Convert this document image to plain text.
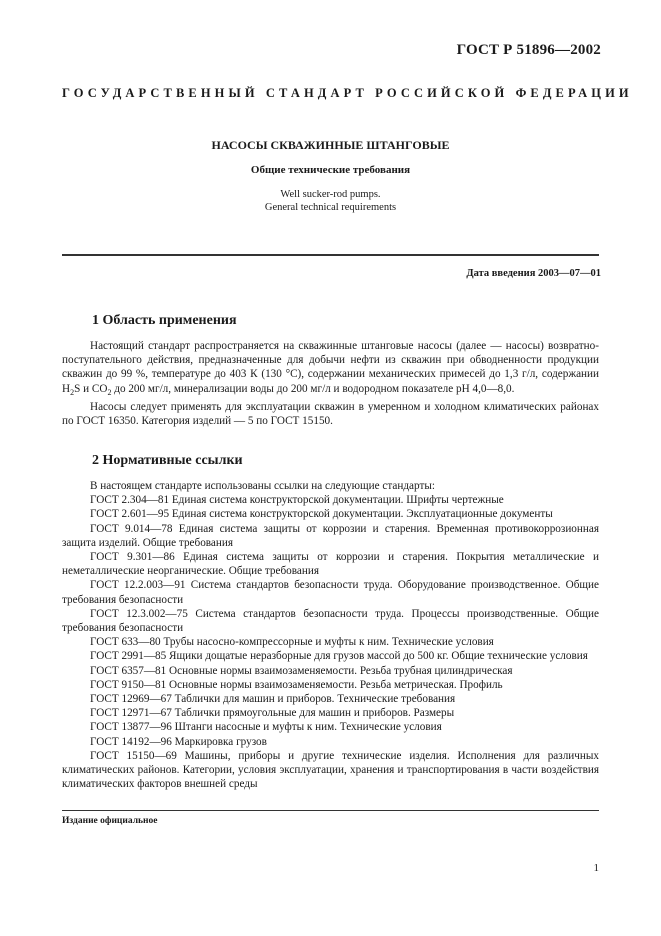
ГОСТ Р 51896—2002
ГОСУДАРСТВЕННЫЙ СТАНДАРТ РОССИЙСКОЙ ФЕДЕРАЦИИ
НАСОСЫ СКВАЖИННЫЕ ШТАНГОВЫЕ
Общие технические требования
Well sucker-rod pumps.
General technical requirements
Дата введения 2003—07—01
1 Область применения

Настоящий стандарт распространяется на скважинные штанговые насосы (далее — насосы) возвратно-поступательного действия, предназначенные для добычи нефти из скважин при обводненности продукции скважин до 99 %, температуре до 403 К (130 °С), содержании механических примесей до 1,3 г/л, содержании $H_2S$ и $CO_2$ до 200 мг/л, минерализации воды до 200 мг/л и водородном показателе рН 4,0—8,0.

Насосы следует применять для эксплуатации скважин в умеренном и холодном климатических районах по ГОСТ 16350. Категория изделий — 5 по ГОСТ 15150.

2 Нормативные ссылки

В настоящем стандарте использованы ссылки на следующие стандарты:

ГОСТ 2.304—81 Единая система конструкторской документации. Шрифты чертежные

ГОСТ 2.601—95 Единая система конструкторской документации. Эксплуатационные документы

ГОСТ 9.014—78 Единая система защиты от коррозии и старения. Временная противокоррозионная защита изделий. Общие требования

ГОСТ 9.301—86 Единая система защиты от коррозии и старения. Покрытия металлические и неметаллические неорганические. Общие требования

ГОСТ 12.2.003—91 Система стандартов безопасности труда. Оборудование производственное. Общие требования безопасности

ГОСТ 12.3.002—75 Система стандартов безопасности труда. Процессы производственные. Общие требования безопасности

ГОСТ 633—80 Трубы насосно-компрессорные и муфты к ним. Технические условия

ГОСТ 2991—85 Ящики дощатые неразборные для грузов массой до 500 кг. Общие технические условия

ГОСТ 6357—81 Основные нормы взаимозаменяемости. Резьба трубная цилиндрическая

ГОСТ 9150—81 Основные нормы взаимозаменяемости. Резьба метрическая. Профиль

ГОСТ 12969—67 Таблички для машин и приборов. Технические требования

ГОСТ 12971—67 Таблички прямоугольные для машин и приборов. Размеры

ГОСТ 13877—96 Штанги насосные и муфты к ним. Технические условия

ГОСТ 14192—96 Маркировка грузов

ГОСТ 15150—69 Машины, приборы и другие технические изделия. Исполнения для различных климатических районов. Категории, условия эксплуатации, хранения и транспортирования в части воздействия климатических факторов внешней среды

Издание официальное
1
